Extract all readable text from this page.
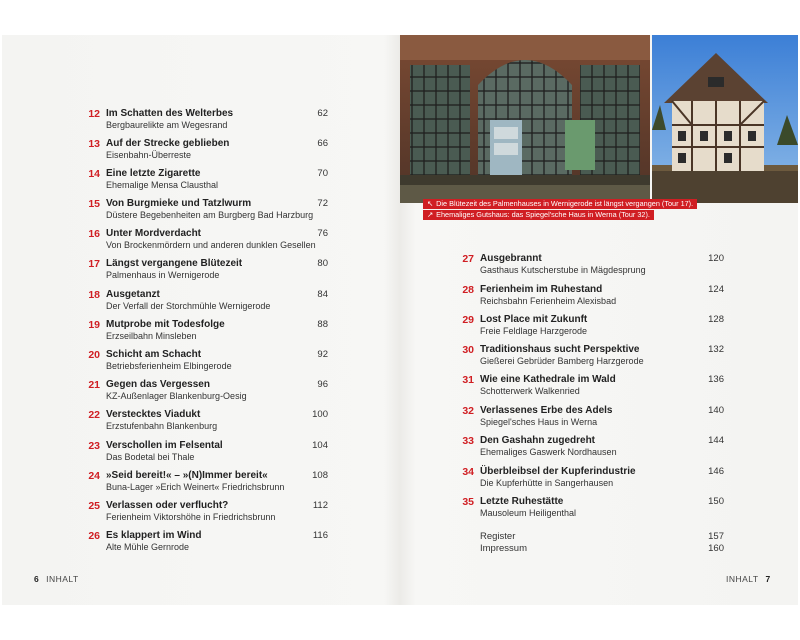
12 Im Schatten des Welterbes
Bergbaurelikte am Wegesrand
62
13 Auf der Strecke geblieben
Eisenbahn-Überreste
66
14 Eine letzte Zigarette
Ehemalige Mensa Clausthal
70
15 Von Burgmieke und Tatzlwurm
Düstere Begebenheiten am Burgberg Bad Harzburg
72
16 Unter Mordverdacht
Von Brockenmördern und anderen dunklen Gesellen
76
17 Längst vergangene Blütezeit
Palmenhaus in Wernigerode
80
18 Ausgetanzt
Der Verfall der Storchmühle Wernigerode
84
19 Mutprobe mit Todesfolge
Erzseilbahn Minsleben
88
20 Schicht am Schacht
Betriebsferienheim Elbingerode
92
21 Gegen das Vergessen
KZ-Außenlager Blankenburg-Oesig
96
22 Verstecktes Viadukt
Erzstufenbahn Blankenburg
100
23 Verschollen im Felsental
Das Bodetal bei Thale
104
24 »Seid bereit!« – »(N)Immer bereit«
Buna-Lager »Erich Weinert« Friedrichsbrunn
108
25 Verlassen oder verflucht?
Ferienheim Viktorshöhe in Friedrichsbrunn
112
26 Es klappert im Wind
Alte Mühle Gernrode
116
↖ Die Blütezeit des Palmenhauses in Wernigerode ist längst vergangen (Tour 17).
↗ Ehemaliges Gutshaus: das Spiegel'sche Haus in Werna (Tour 32).
27 Ausgebrannt
Gasthaus Kutscherstube in Mägdesprung
120
28 Ferienheim im Ruhestand
Reichsbahn Ferienheim Alexisbad
124
29 Lost Place mit Zukunft
Freie Feldlage Harzgerode
128
30 Traditionshaus sucht Perspektive
Gießerei Gebrüder Bamberg Harzgerode
132
31 Wie eine Kathedrale im Wald
Schotterwerk Walkenried
136
32 Verlassenes Erbe des Adels
Spiegel'sches Haus in Werna
140
33 Den Gashahn zugedreht
Ehemaliges Gaswerk Nordhausen
144
34 Überbleibsel der Kupferindustrie
Die Kupferhütte in Sangerhausen
146
35 Letzte Ruhestätte
Mausoleum Heiligenthal
150
Register	157
Impressum	160
6 INHALT	INHALT 7
